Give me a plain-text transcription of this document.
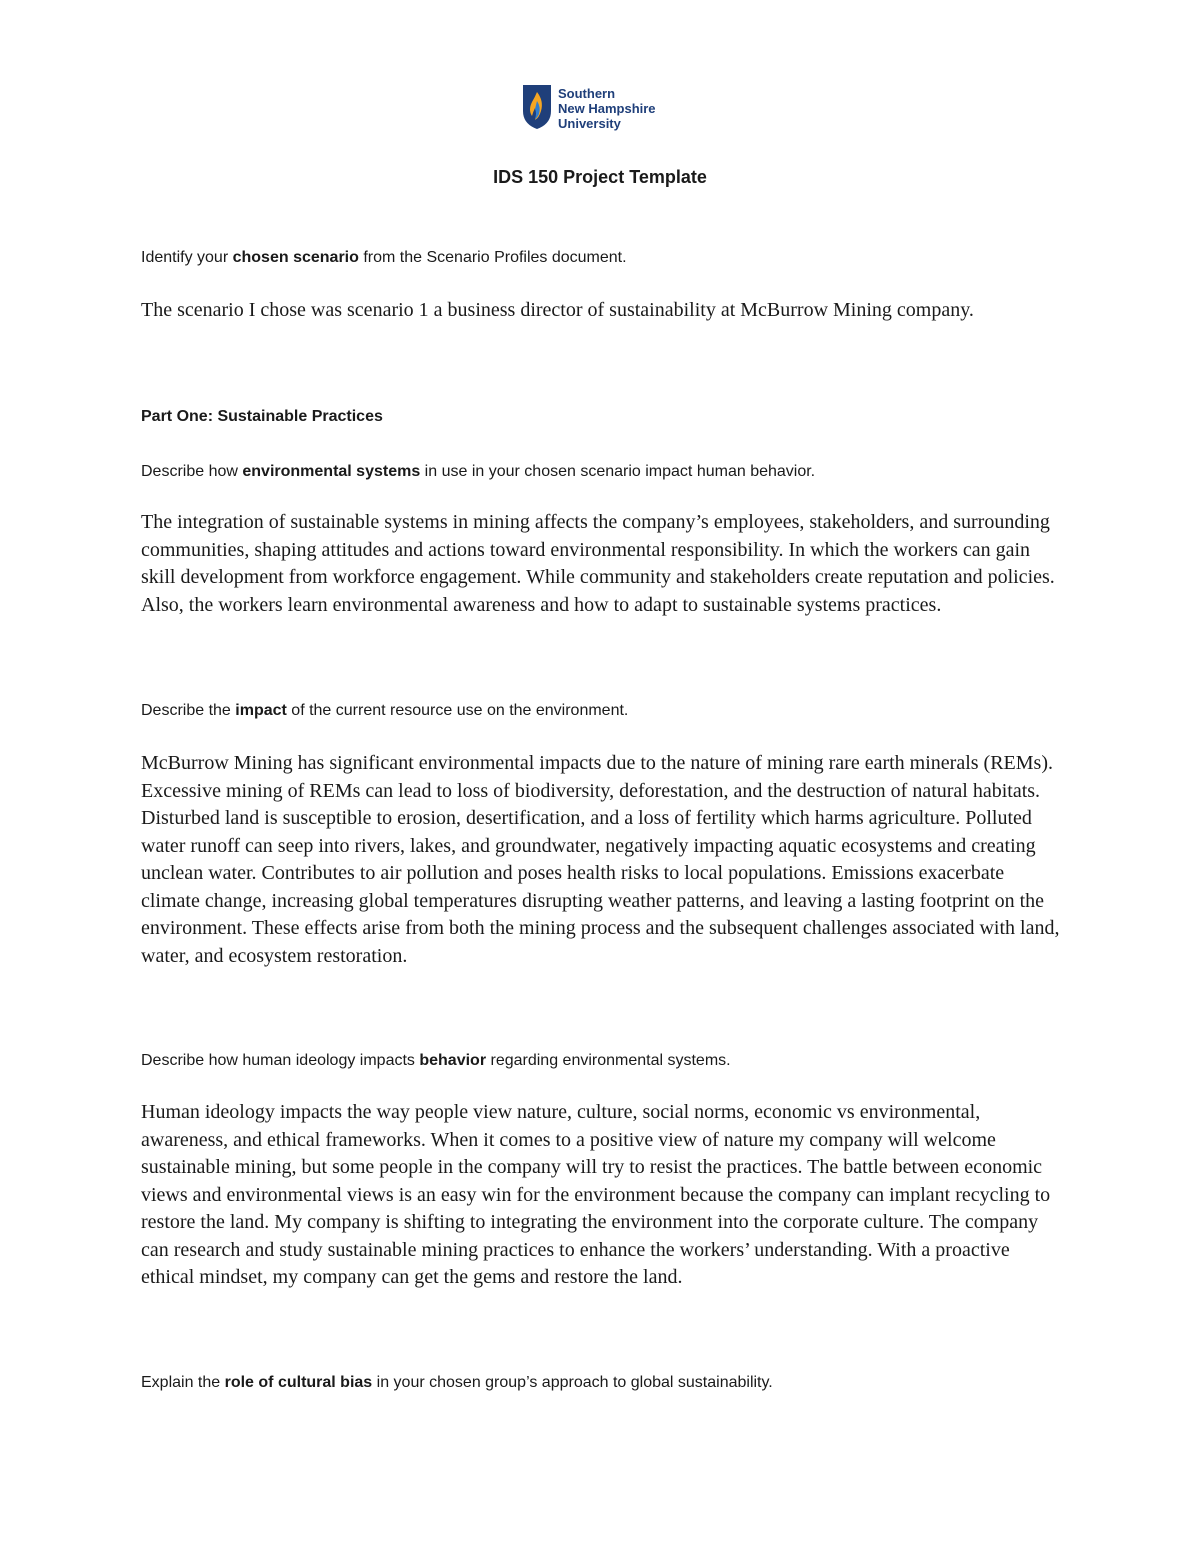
Southern
New Hampshire
University
IDS 150 Project Template

Identify your chosen scenario from the Scenario Profiles document.

The scenario I chose was scenario 1 a business director of sustainability at McBurrow Mining company.

Part One: Sustainable Practices

Describe how environmental systems in use in your chosen scenario impact human behavior.

The integration of sustainable systems in mining affects the company’s employees, stakeholders, and surrounding communities, shaping attitudes and actions toward environmental responsibility. In which the workers can gain skill development from workforce engagement. While community and stakeholders create reputation and policies. Also, the workers learn environmental awareness and how to adapt to sustainable systems practices.

Describe the impact of the current resource use on the environment.

McBurrow Mining has significant environmental impacts due to the nature of mining rare earth minerals (REMs). Excessive mining of REMs can lead to loss of biodiversity, deforestation, and the destruction of natural habitats. Disturbed land is susceptible to erosion, desertification, and a loss of fertility which harms agriculture. Polluted water runoff can seep into rivers, lakes, and groundwater, negatively impacting aquatic ecosystems and creating unclean water. Contributes to air pollution and poses health risks to local populations. Emissions exacerbate climate change, increasing global temperatures disrupting weather patterns, and leaving a lasting footprint on the environment. These effects arise from both the mining process and the subsequent challenges associated with land, water, and ecosystem restoration.

Describe how human ideology impacts behavior regarding environmental systems.

Human ideology impacts the way people view nature, culture, social norms, economic vs environmental, awareness, and ethical frameworks. When it comes to a positive view of nature my company will welcome sustainable mining, but some people in the company will try to resist the practices. The battle between economic views and environmental views is an easy win for the environment because the company can implant recycling to restore the land. My company is shifting to integrating the environment into the corporate culture. The company can research and study sustainable mining practices to enhance the workers’ understanding. With a proactive ethical mindset, my company can get the gems and restore the land.

Explain the role of cultural bias in your chosen group’s approach to global sustainability.
